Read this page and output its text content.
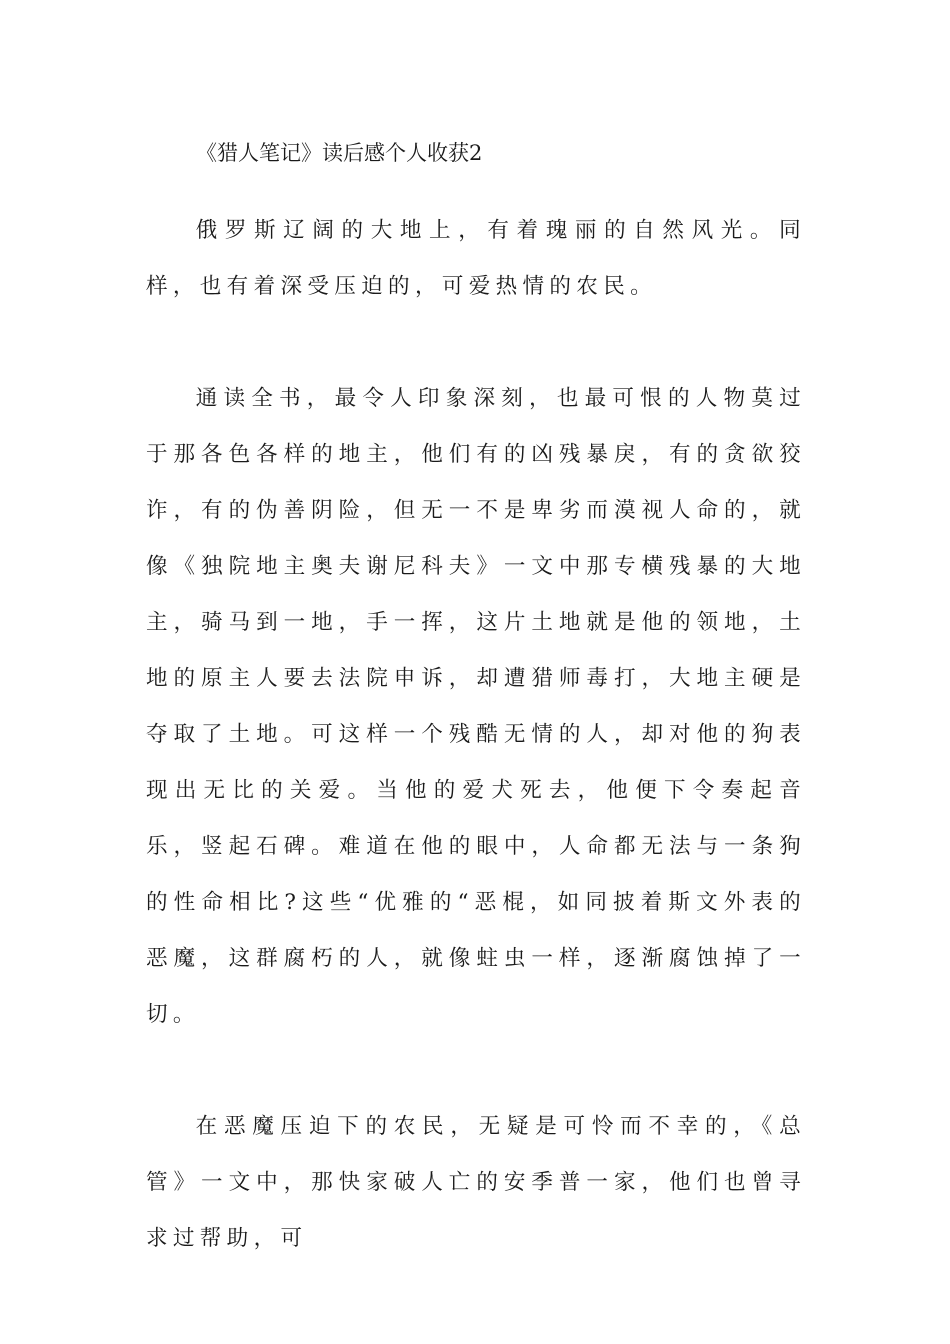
《猎人笔记》读后感个人收获2

俄罗斯辽阔的大地上，有着瑰丽的自然风光。同样，也有着深受压迫的，可爱热情的农民。

通读全书，最令人印象深刻，也最可恨的人物莫过于那各色各样的地主，他们有的凶残暴戾，有的贪欲狡诈，有的伪善阴险，但无一不是卑劣而漠视人命的，就像《独院地主奥夫谢尼科夫》一文中那专横残暴的大地主，骑马到一地，手一挥，这片土地就是他的领地，土地的原主人要去法院申诉，却遭猎师毒打，大地主硬是夺取了土地。可这样一个残酷无情的人，却对他的狗表现出无比的关爱。当他的爱犬死去，他便下令奏起音乐，竖起石碑。难道在他的眼中，人命都无法与一条狗的性命相比?这些“优雅的“恶棍，如同披着斯文外表的恶魔，这群腐朽的人，就像蛀虫一样，逐渐腐蚀掉了一切。

在恶魔压迫下的农民，无疑是可怜而不幸的，《总管》一文中，那快家破人亡的安季普一家，他们也曾寻求过帮助，可
